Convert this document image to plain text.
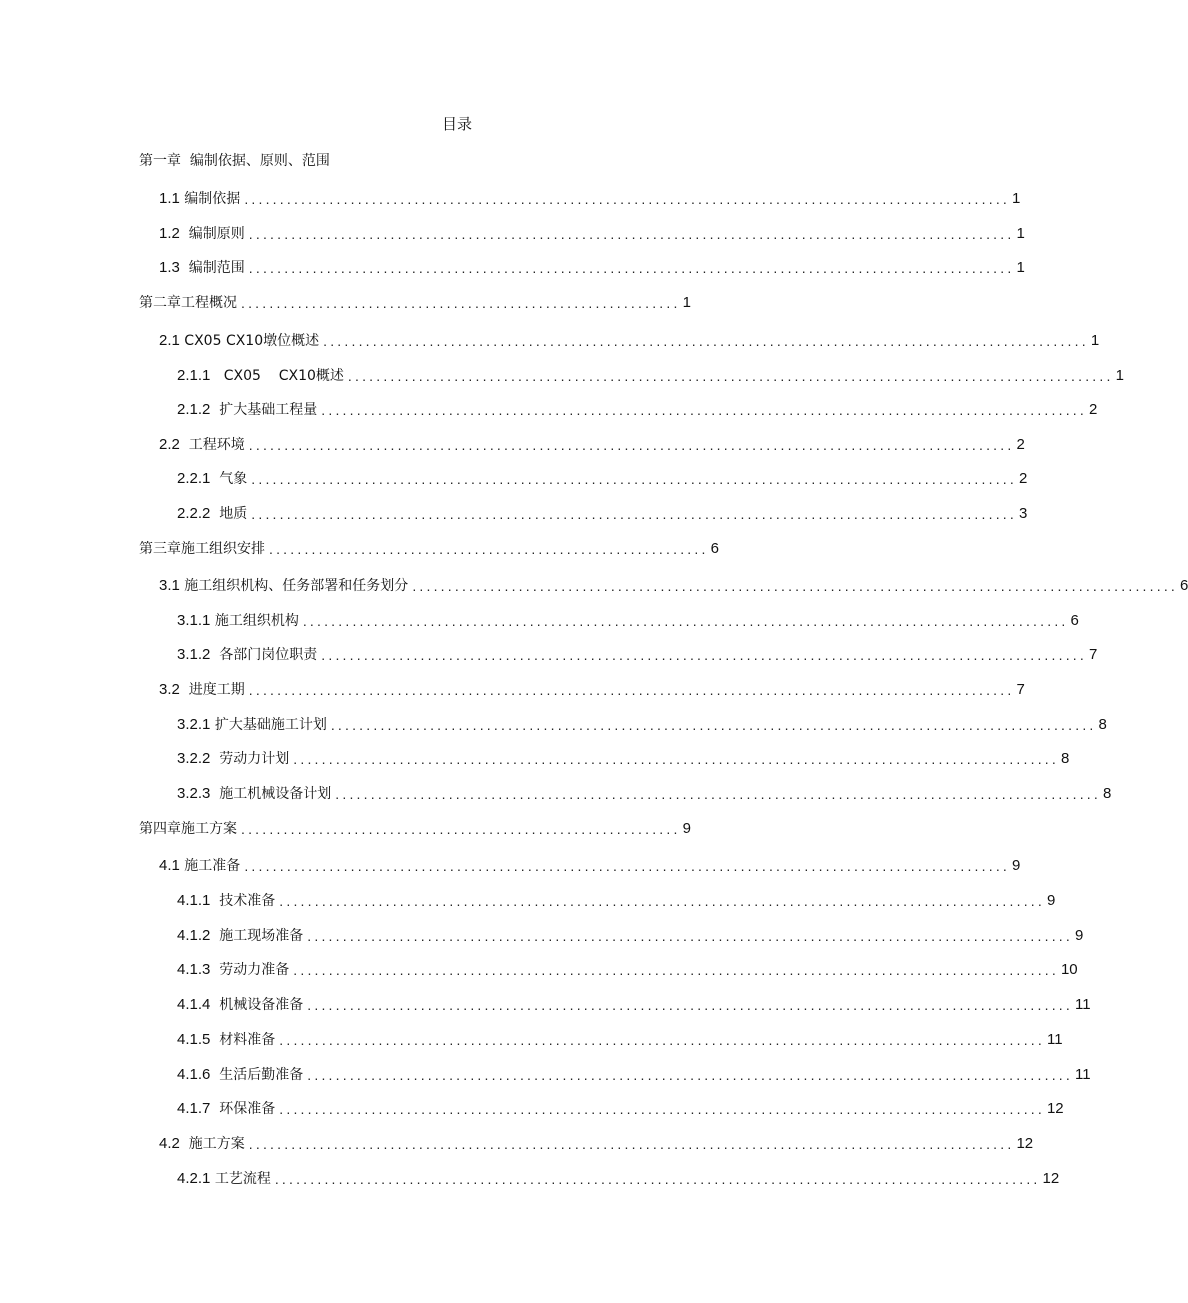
目录
第一章  编制依据、原则、范围
1.1 编制依据 ............................................................................................................ 1
1.2 编制原则 ............................................................................................................ 1
1.3 编制范围 ............................................................................................................ 1
第二章工程概况 .............................................................. 1
2.1 CX05 CX10墩位概述 ............................................................................................................ 1
2.1.1 CX05    CX10概述 ............................................................................................................ 1
2.1.2 扩大基础工程量 ............................................................................................................ 2
2.2 工程环境 ............................................................................................................ 2
2.2.1 气象 ............................................................................................................ 2
2.2.2 地质 ............................................................................................................ 3
第三章施工组织安排 .............................................................. 6
3.1 施工组织机构、任务部署和任务划分 ............................................................................................................ 6
3.1.1 施工组织机构 ............................................................................................................ 6
3.1.2 各部门岗位职责 ............................................................................................................ 7
3.2 进度工期 ............................................................................................................ 7
3.2.1 扩大基础施工计划 ............................................................................................................ 8
3.2.2 劳动力计划 ............................................................................................................ 8
3.2.3 施工机械设备计划 ............................................................................................................ 8
第四章施工方案 .............................................................. 9
4.1 施工准备 ............................................................................................................ 9
4.1.1 技术准备 ............................................................................................................ 9
4.1.2 施工现场准备 ............................................................................................................ 9
4.1.3 劳动力准备 ............................................................................................................ 10
4.1.4 机械设备准备 ............................................................................................................ 11
4.1.5 材料准备 ............................................................................................................ 11
4.1.6 生活后勤准备 ............................................................................................................ 11
4.1.7 环保准备 ............................................................................................................ 12
4.2 施工方案 ............................................................................................................ 12
4.2.1 工艺流程 ............................................................................................................ 12
